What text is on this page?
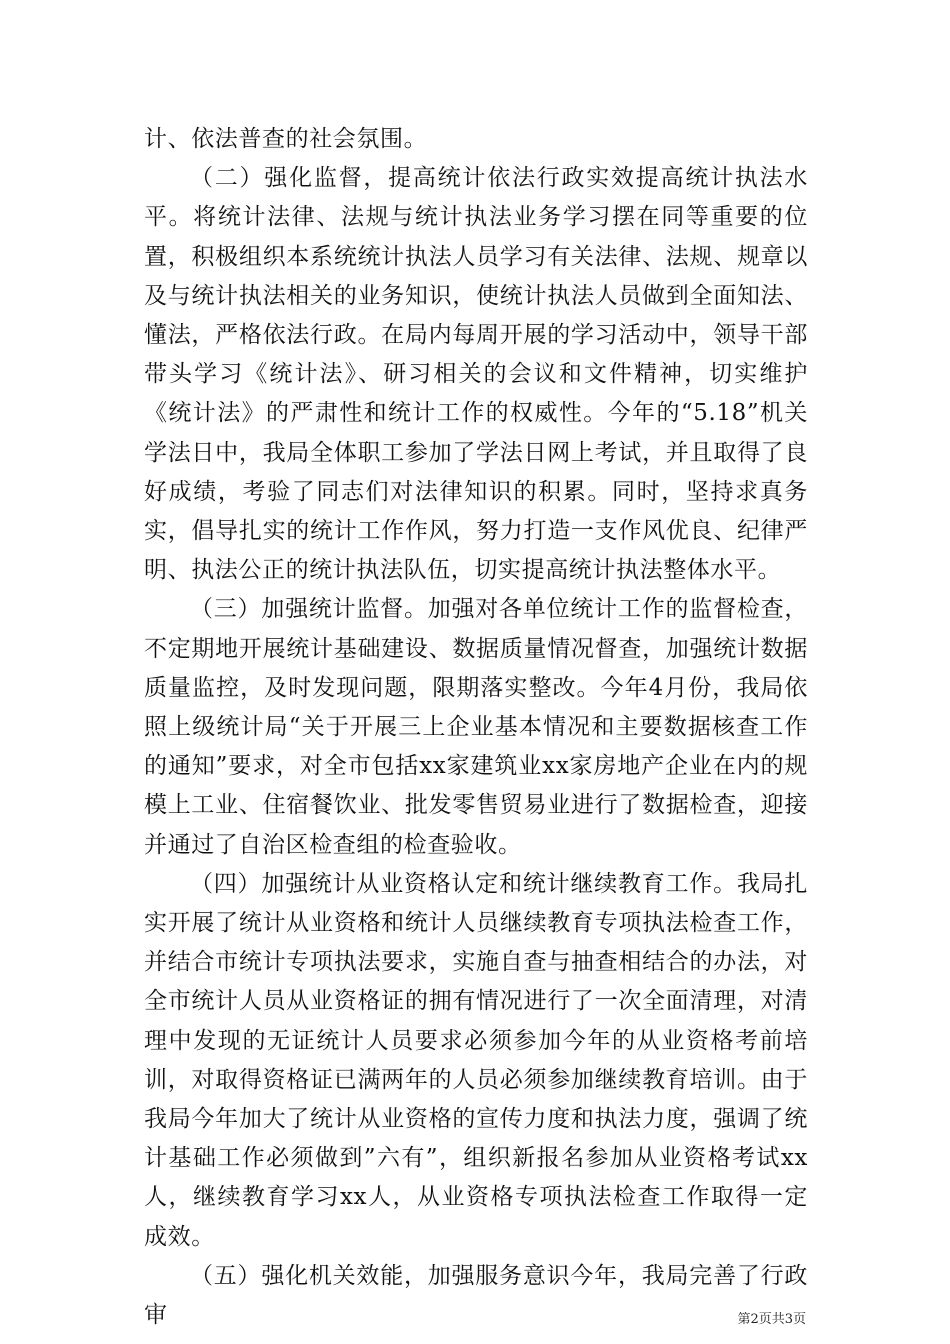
计、依法普查的社会氛围。

（二）强化监督，提高统计依法行政实效提高统计执法水平。将统计法律、法规与统计执法业务学习摆在同等重要的位置，积极组织本系统统计执法人员学习有关法律、法规、规章以及与统计执法相关的业务知识，使统计执法人员做到全面知法、懂法，严格依法行政。在局内每周开展的学习活动中，领导干部带头学习《统计法》、研习相关的会议和文件精神，切实维护《统计法》的严肃性和统计工作的权威性。今年的“5.18”机关学法日中，我局全体职工参加了学法日网上考试，并且取得了良好成绩，考验了同志们对法律知识的积累。同时，坚持求真务实，倡导扎实的统计工作作风，努力打造一支作风优良、纪律严明、执法公正的统计执法队伍，切实提高统计执法整体水平。

（三）加强统计监督。加强对各单位统计工作的监督检查，不定期地开展统计基础建设、数据质量情况督查，加强统计数据质量监控，及时发现问题，限期落实整改。今年4月份，我局依照上级统计局“关于开展三上企业基本情况和主要数据核查工作的通知”要求，对全市包括xx家建筑业xx家房地产企业在内的规模上工业、住宿餐饮业、批发零售贸易业进行了数据检查，迎接并通过了自治区检查组的检查验收。

（四）加强统计从业资格认定和统计继续教育工作。我局扎实开展了统计从业资格和统计人员继续教育专项执法检查工作，并结合市统计专项执法要求，实施自查与抽查相结合的办法，对全市统计人员从业资格证的拥有情况进行了一次全面清理，对清理中发现的无证统计人员要求必须参加今年的从业资格考前培训，对取得资格证已满两年的人员必须参加继续教育培训。由于我局今年加大了统计从业资格的宣传力度和执法力度，强调了统计基础工作必须做到”六有”，组织新报名参加从业资格考试xx人，继续教育学习xx人，从业资格专项执法检查工作取得一定成效。

（五）强化机关效能，加强服务意识今年，我局完善了行政审	第2页共3页
